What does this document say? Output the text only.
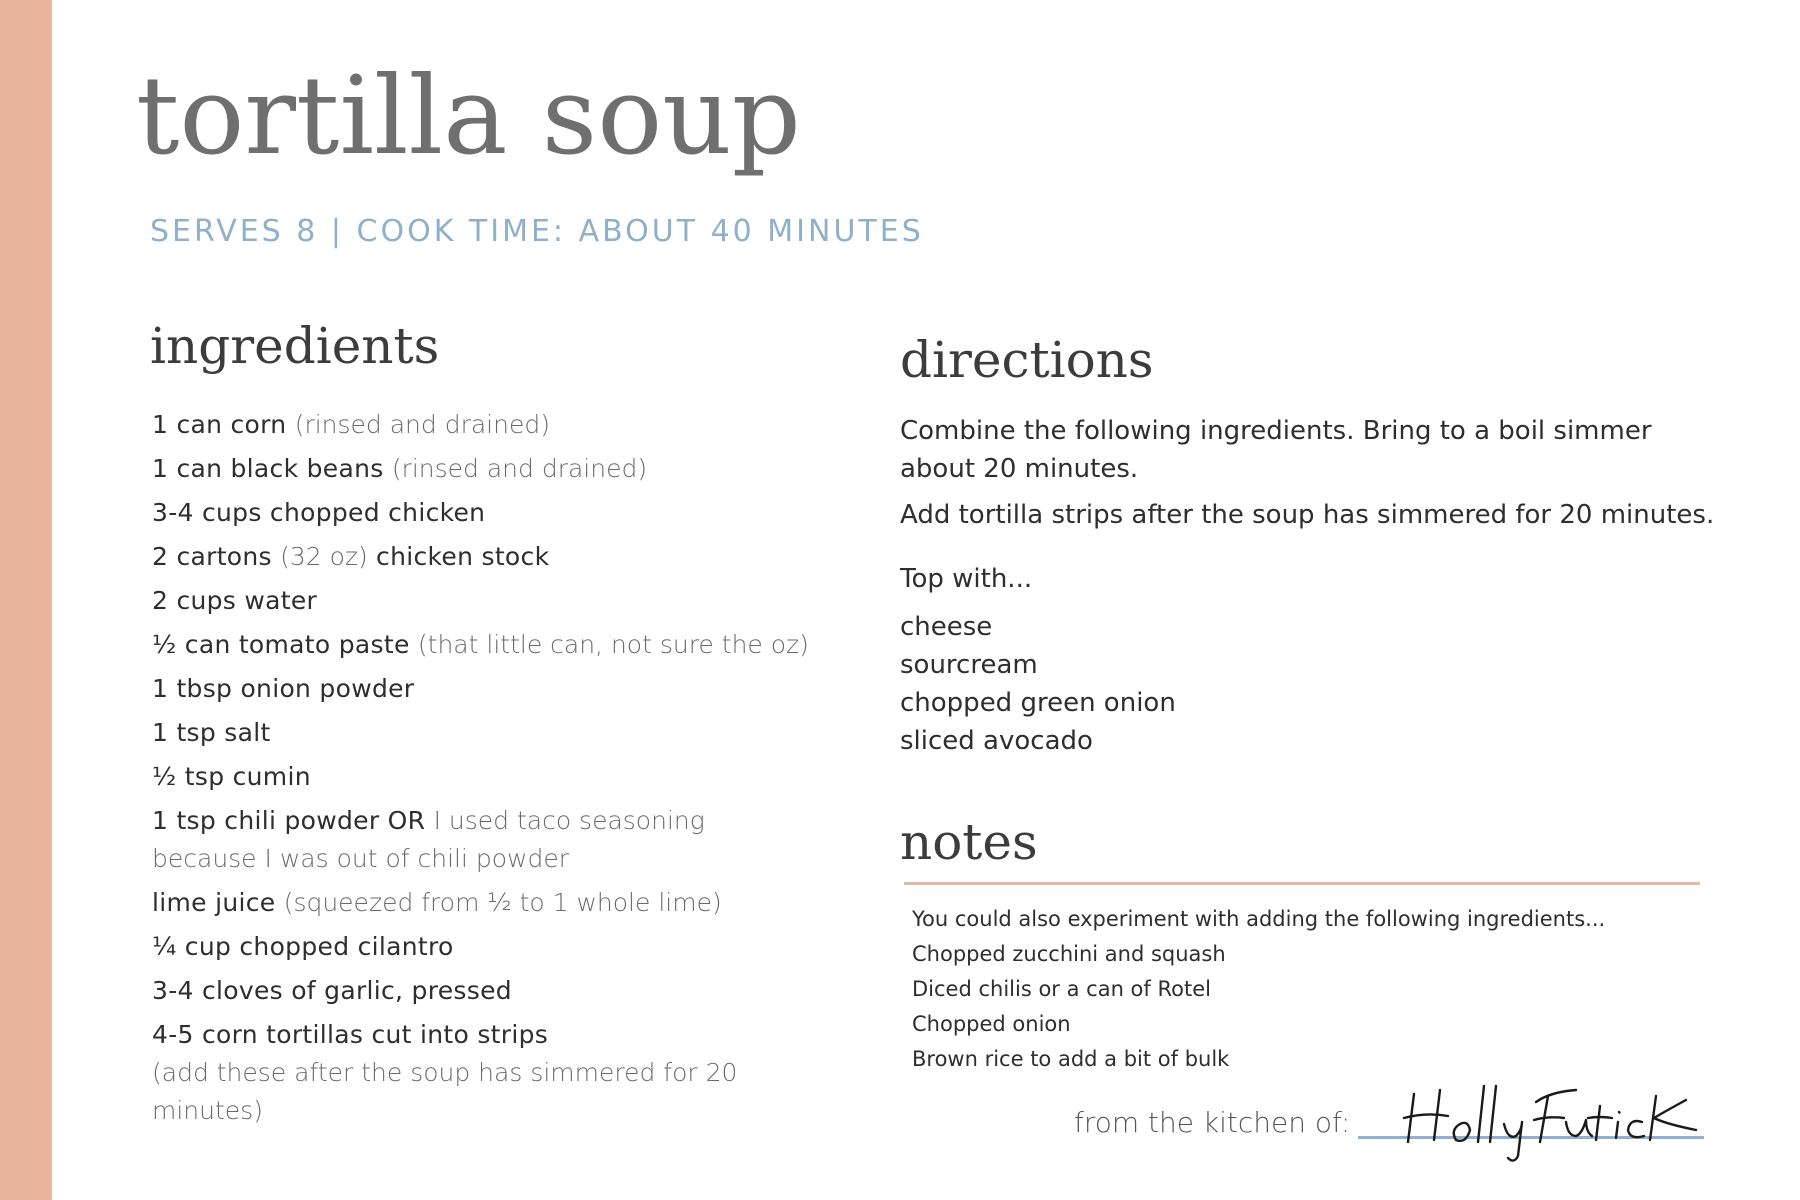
tortilla soup
SERVES 8 | COOK TIME: ABOUT 40 MINUTES
ingredients
1 can corn (rinsed and drained)
1 can black beans (rinsed and drained)
3-4 cups chopped chicken
2 cartons (32 oz) chicken stock
2 cups water
½ can tomato paste (that little can, not sure the oz)
1 tbsp onion powder
1 tsp salt
½ tsp cumin
1 tsp chili powder OR I used taco seasoning because I was out of chili powder
lime juice (squeezed from ½ to 1 whole lime)
¼ cup chopped cilantro
3-4 cloves of garlic, pressed
4-5 corn tortillas cut into strips
(add these after the soup has simmered for 20 minutes)
directions

Combine the following ingredients. Bring to a boil simmer about 20 minutes.

Add tortilla strips after the soup has simmered for 20 minutes.

Top with...
cheese
sourcream
chopped green onion
sliced avocado
notes
You could also experiment with adding the following ingredients...
Chopped zucchini and squash
Diced chilis or a can of Rotel
Chopped onion
Brown rice to add a bit of bulk
from the kitchen of:
